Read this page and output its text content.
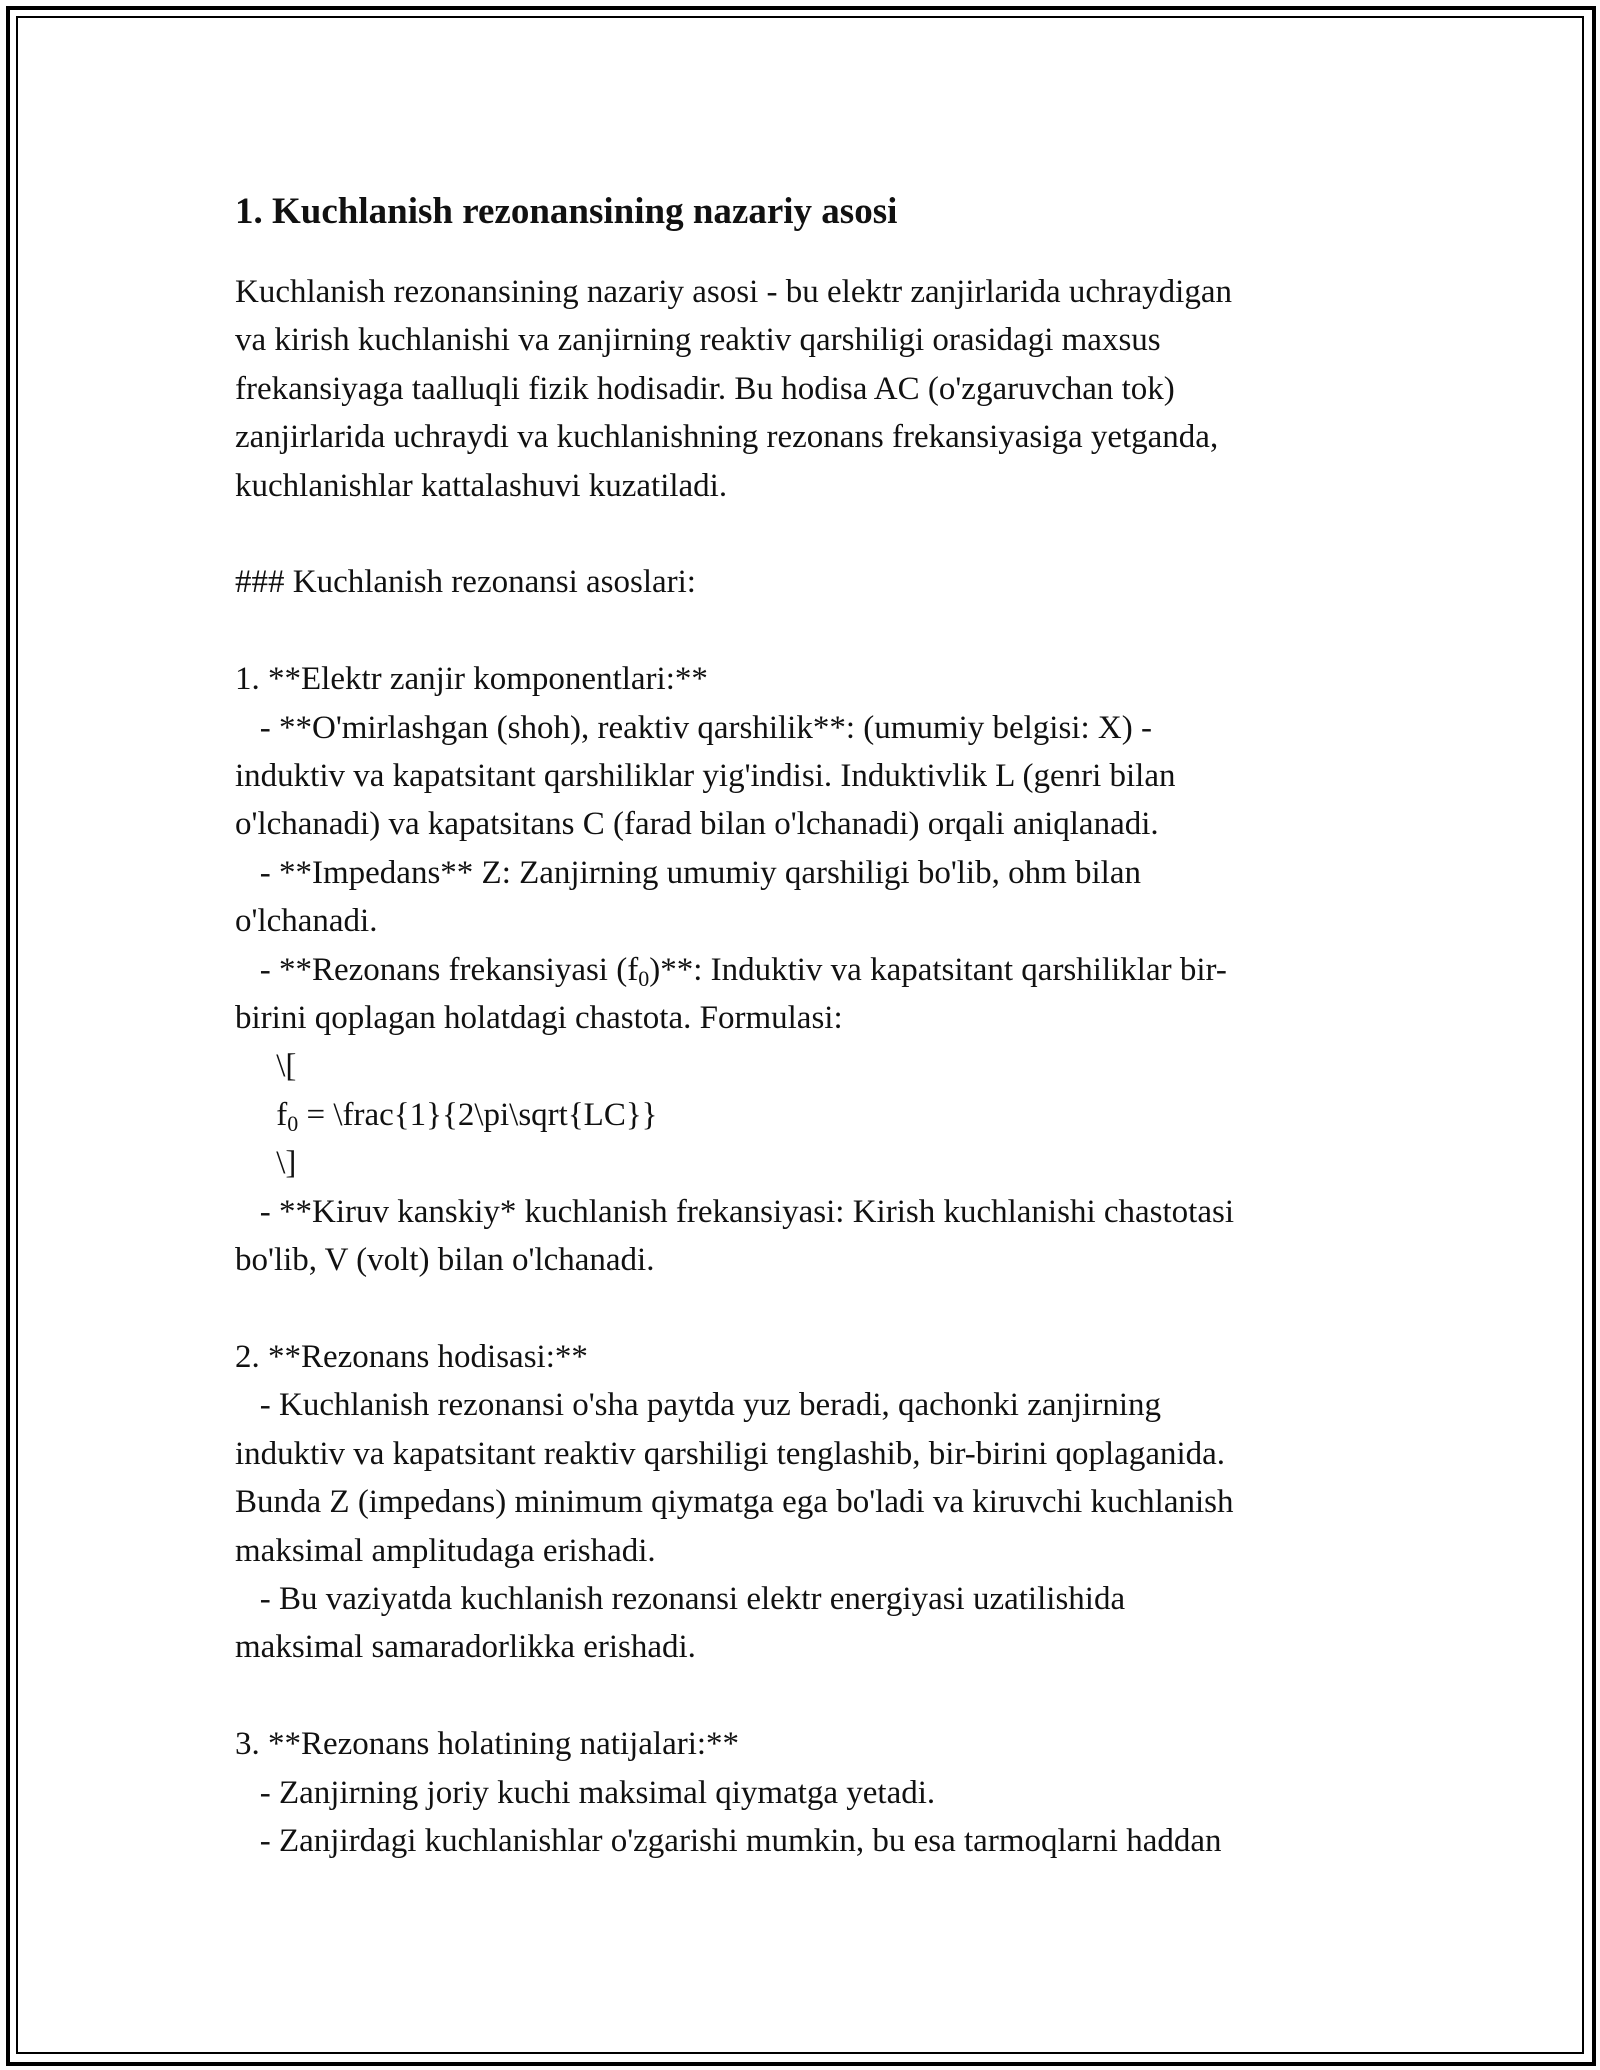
1. Kuchlanish rezonansining nazariy asosi
Kuchlanish rezonansining nazariy asosi - bu elektr zanjirlarida uchraydigan
va kirish kuchlanishi va zanjirning reaktiv qarshiligi orasidagi maxsus
frekansiyaga taalluqli fizik hodisadir. Bu hodisa AC (o'zgaruvchan tok)
zanjirlarida uchraydi va kuchlanishning rezonans frekansiyasiga yetganda,
kuchlanishlar kattalashuvi kuzatiladi.
### Kuchlanish rezonansi asoslari:
1. **Elektr zanjir komponentlari:**
- **O'mirlashgan (shoh), reaktiv qarshilik**: (umumiy belgisi: X) -
induktiv va kapatsitant qarshiliklar yig'indisi. Induktivlik L (genri bilan
o'lchanadi) va kapatsitans C (farad bilan o'lchanadi) orqali aniqlanadi.
- **Impedans** Z: Zanjirning umumiy qarshiligi bo'lib, ohm bilan
o'lchanadi.
- **Rezonans frekansiyasi $(f_0)**$: Induktiv va kapatsitant qarshiliklar bir-
birini qoplagan holatdagi chastota. Formulasi:
\[
$f_0$ = \frac{1}{2\pi\sqrt{LC}}
\]
- **Kiruv kanskiy* kuchlanish frekansiyasi: Kirish kuchlanishi chastotasi
bo'lib, V (volt) bilan o'lchanadi.
2. **Rezonans hodisasi:**
- Kuchlanish rezonansi o'sha paytda yuz beradi, qachonki zanjirning
induktiv va kapatsitant reaktiv qarshiligi tenglashib, bir-birini qoplaganida.
Bunda Z (impedans) minimum qiymatga ega bo'ladi va kiruvchi kuchlanish
maksimal amplitudaga erishadi.
- Bu vaziyatda kuchlanish rezonansi elektr energiyasi uzatilishida
maksimal samaradorlikka erishadi.
3. **Rezonans holatining natijalari:**
- Zanjirning joriy kuchi maksimal qiymatga yetadi.
- Zanjirdagi kuchlanishlar o'zgarishi mumkin, bu esa tarmoqlarni haddan
